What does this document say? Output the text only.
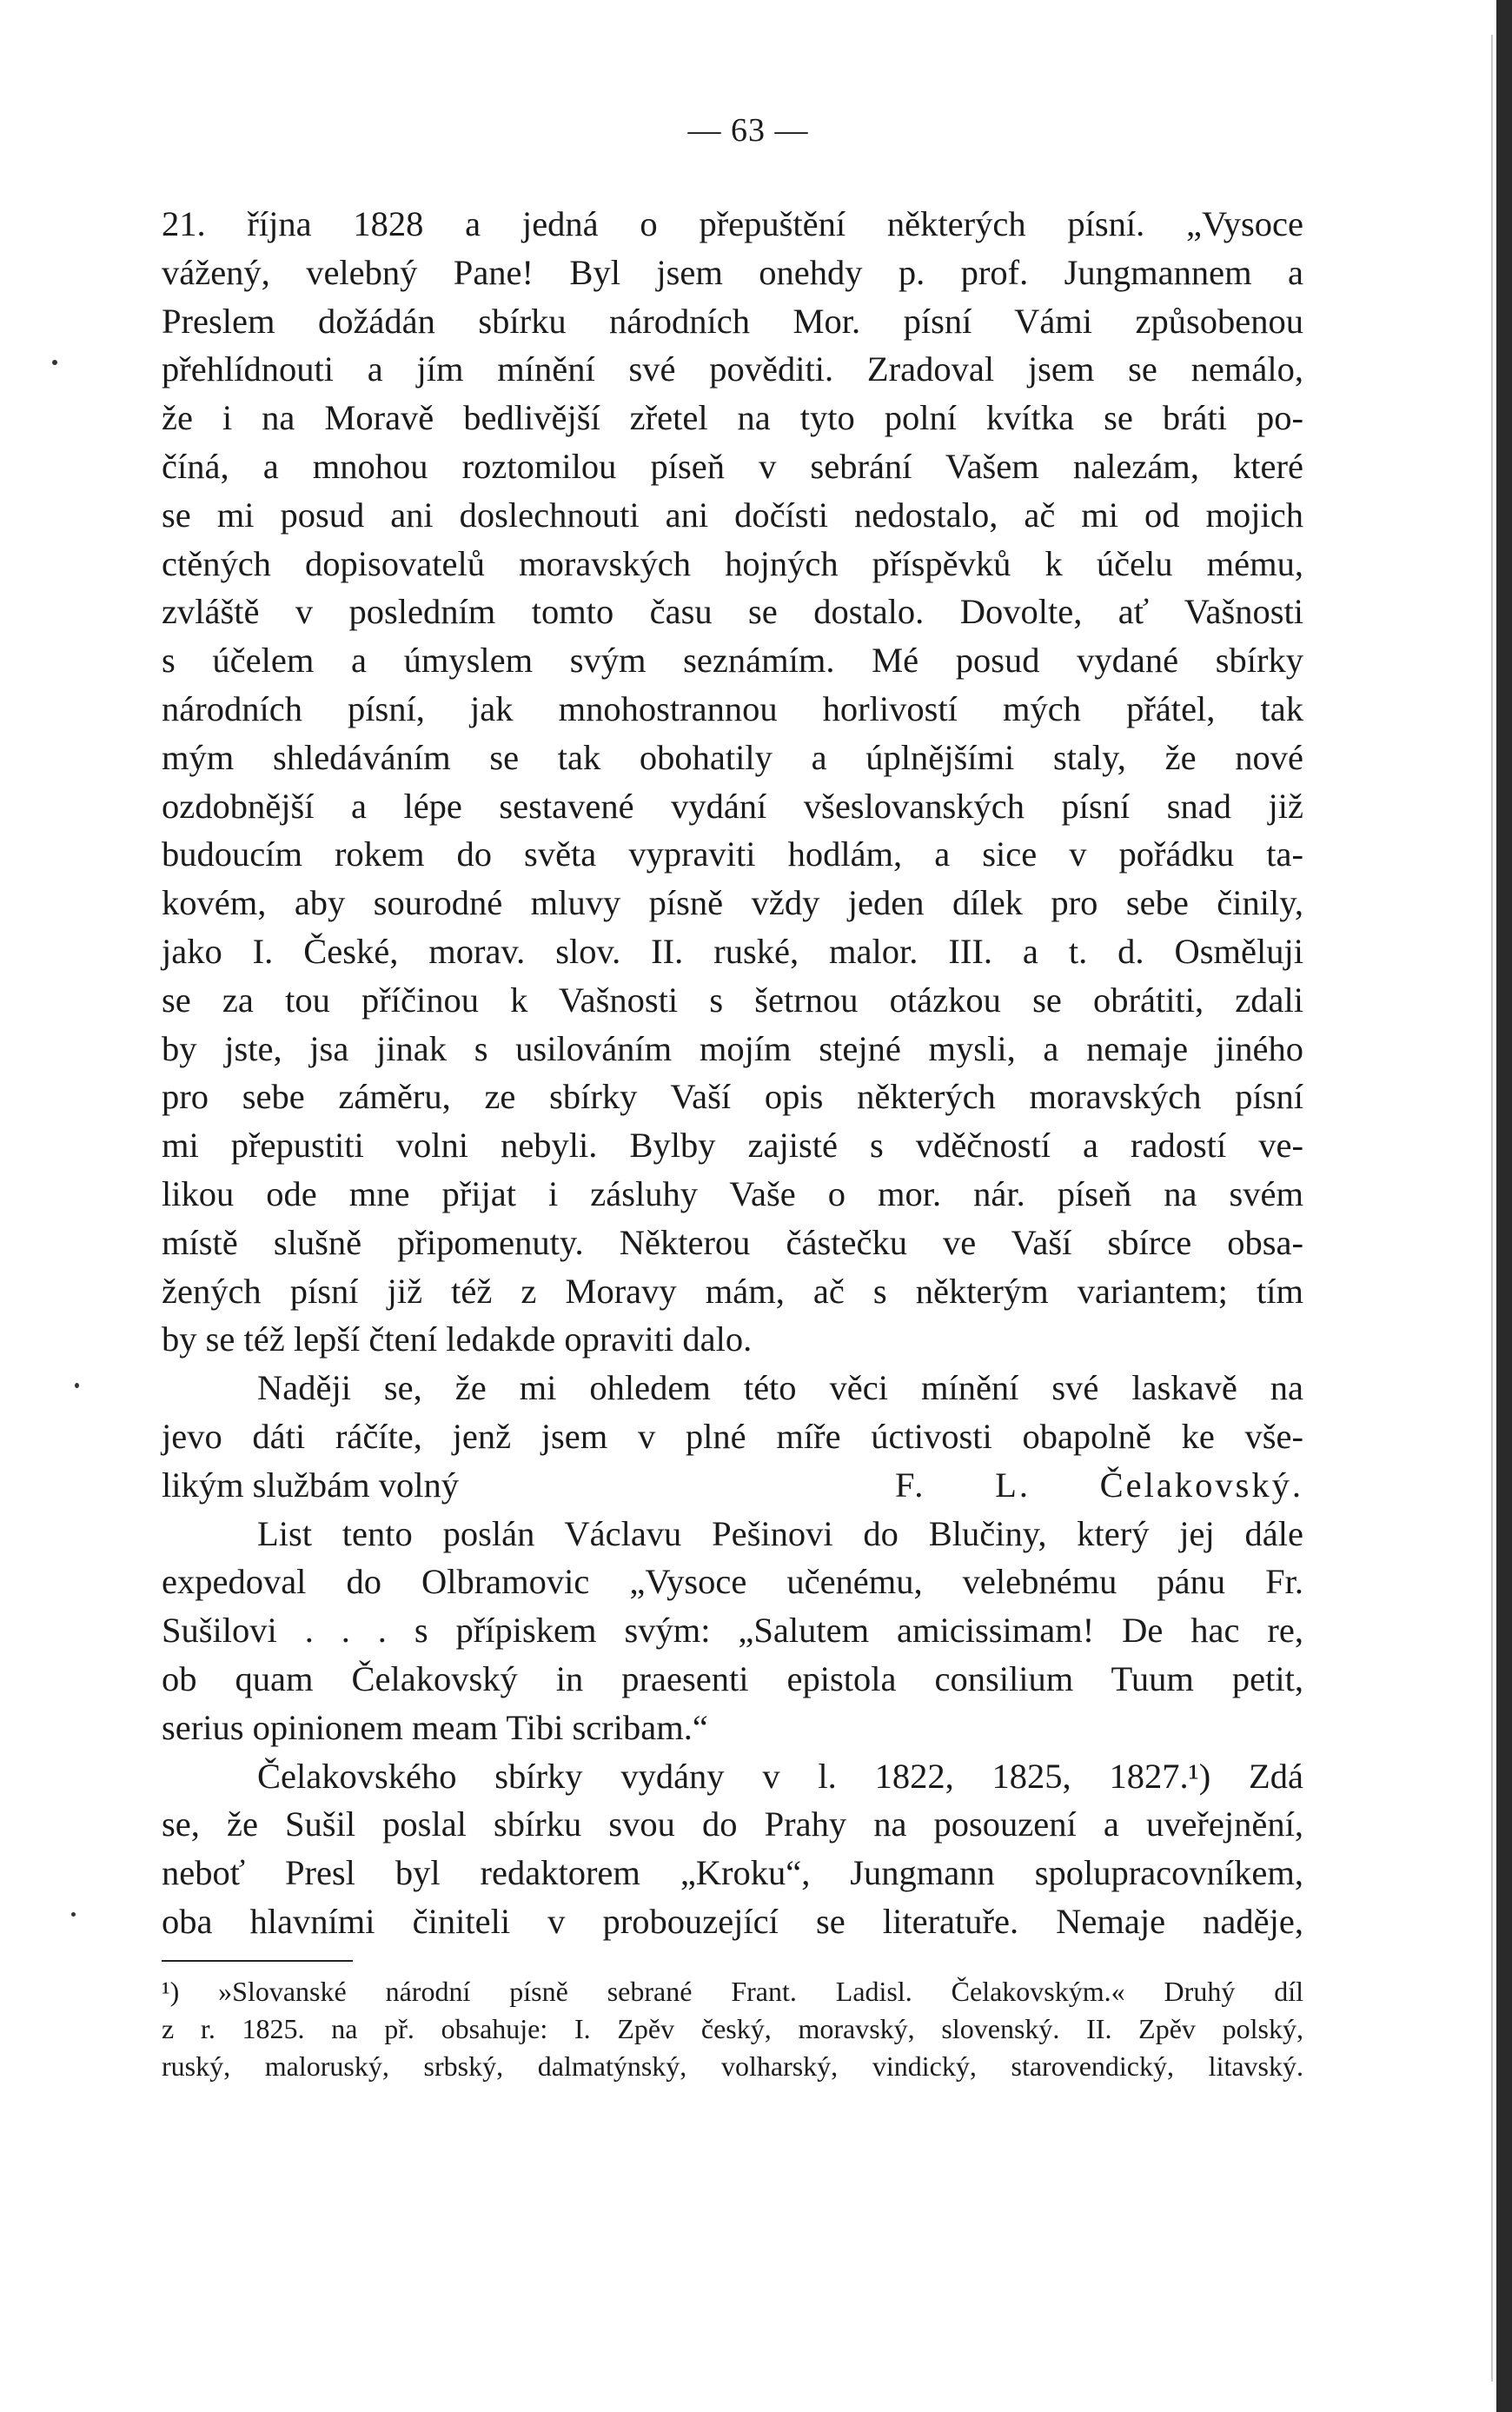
— 63 —
21. října 1828 a jedná o přepuštění některých písní. „Vysoce
vážený, velebný Pane! Byl jsem onehdy p. prof. Jungmannem a
Preslem dožádán sbírku národních Mor. písní Vámi způsobenou
přehlídnouti a jím mínění své pověditi. Zradoval jsem se nemálo,
že i na Moravě bedlivější zřetel na tyto polní kvítka se bráti po-
číná, a mnohou roztomilou píseň v sebrání Vašem nalezám, které
se mi posud ani doslechnouti ani dočísti nedostalo, ač mi od mojich
ctěných dopisovatelů moravských hojných příspěvků k účelu mému,
zvláště v posledním tomto času se dostalo. Dovolte, ať Vašnosti
s účelem a úmyslem svým seznámím. Mé posud vydané sbírky
národních písní, jak mnohostrannou horlivostí mých přátel, tak
mým shledáváním se tak obohatily a úplnějšími staly, že nové
ozdobnější a lépe sestavené vydání všeslovanských písní snad již
budoucím rokem do světa vypraviti hodlám, a sice v pořádku ta-
kovém, aby sourodné mluvy písně vždy jeden dílek pro sebe činily,
jako I. České, morav. slov. II. ruské, malor. III. a t. d. Osměluji
se za tou příčinou k Vašnosti s šetrnou otázkou se obrátiti, zdali
by jste, jsa jinak s usilováním mojím stejné mysli, a nemaje jiného
pro sebe záměru, ze sbírky Vaší opis některých moravských písní
mi přepustiti volni nebyli. Bylby zajisté s vděčností a radostí ve-
likou ode mne přijat i zásluhy Vaše o mor. nár. píseň na svém
místě slušně připomenuty. Některou částečku ve Vaší sbírce obsa-
žených písní již též z Moravy mám, ač s některým variantem; tím
by se též lepší čtení ledakde opraviti dalo.
Naději se, že mi ohledem této věci mínění své laskavě na
jevo dáti ráčíte, jenž jsem v plné míře úctivosti obapolně ke vše-
likým službám volný	F. L. Čelakovský.
List tento poslán Václavu Pešinovi do Blučiny, který jej dále
expedoval do Olbramovic „Vysoce učenému, velebnému pánu Fr.
Sušilovi . . . s přípiskem svým: „Salutem amicissimam! De hac re,
ob quam Čelakovský in praesenti epistola consilium Tuum petit,
serius opinionem meam Tibi scribam.“
Čelakovského sbírky vydány v l. 1822, 1825, 1827.¹) Zdá
se, že Sušil poslal sbírku svou do Prahy na posouzení a uveřejnění,
neboť Presl byl redaktorem „Kroku“, Jungmann spolupracovníkem,
oba hlavními činiteli v probouzející se literatuře. Nemaje naděje,
¹) »Slovanské národní písně sebrané Frant. Ladisl. Čelakovským.« Druhý díl
z r. 1825. na př. obsahuje: I. Zpěv český, moravský, slovenský. II. Zpěv polský,
ruský, maloruský, srbský, dalmatýnský, volharský, vindický, starovendický, litavský.
